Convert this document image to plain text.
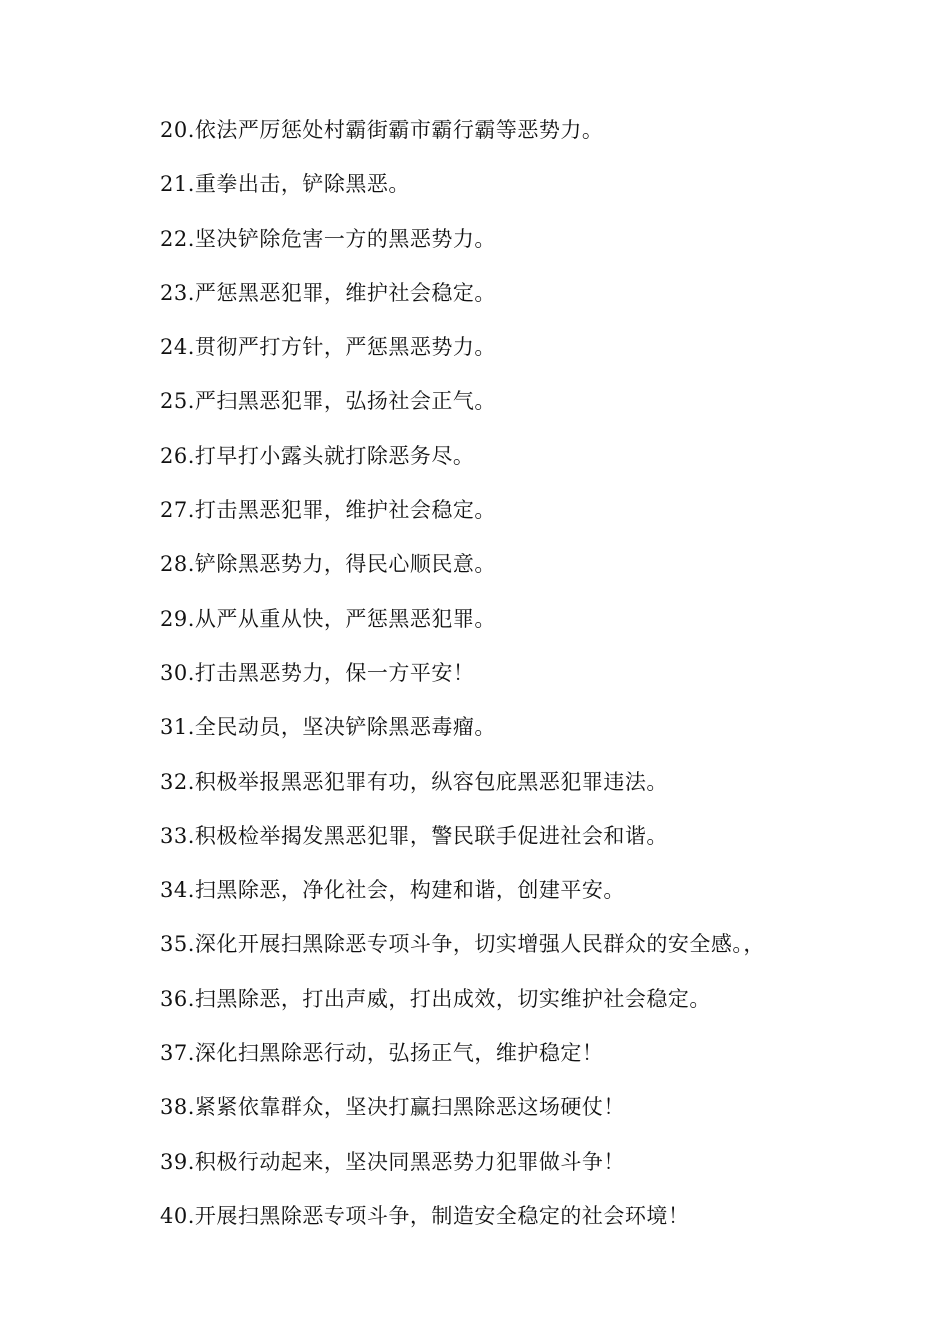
20.依法严厉惩处村霸街霸市霸行霸等恶势力。
21.重拳出击，铲除黑恶。
22.坚决铲除危害一方的黑恶势力。
23.严惩黑恶犯罪，维护社会稳定。
24.贯彻严打方针，严惩黑恶势力。
25.严扫黑恶犯罪，弘扬社会正气。
26.打早打小露头就打除恶务尽。
27.打击黑恶犯罪，维护社会稳定。
28.铲除黑恶势力，得民心顺民意。
29.从严从重从快，严惩黑恶犯罪。
30.打击黑恶势力，保一方平安！
31.全民动员，坚决铲除黑恶毒瘤。
32.积极举报黑恶犯罪有功，纵容包庇黑恶犯罪违法。
33.积极检举揭发黑恶犯罪，警民联手促进社会和谐。
34.扫黑除恶，净化社会，构建和谐，创建平安。
35.深化开展扫黑除恶专项斗争，切实增强人民群众的安全感。，
36.扫黑除恶，打出声威，打出成效，切实维护社会稳定。
37.深化扫黑除恶行动，弘扬正气，维护稳定！
38.紧紧依靠群众，坚决打赢扫黑除恶这场硬仗！
39.积极行动起来，坚决同黑恶势力犯罪做斗争！
40.开展扫黑除恶专项斗争，制造安全稳定的社会环境！
